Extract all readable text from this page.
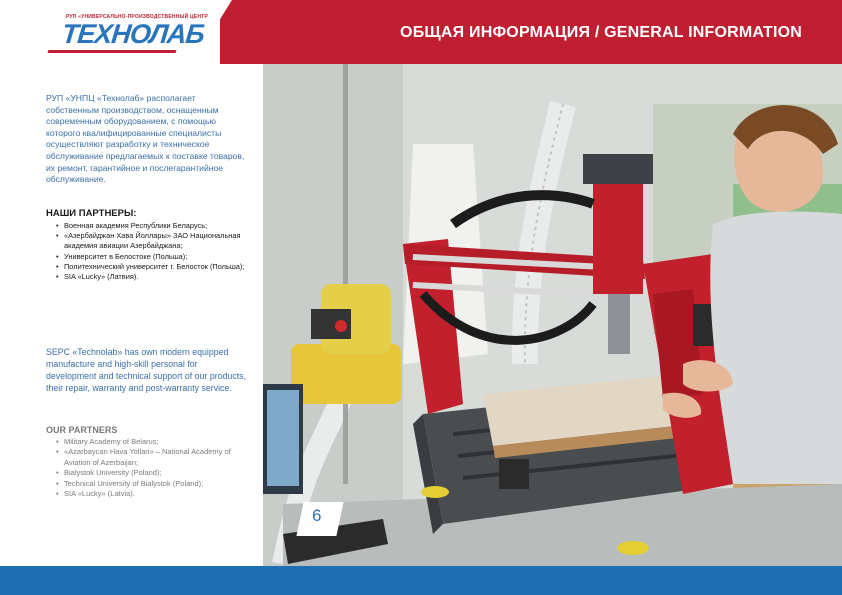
РУП «УНИВЕРСАЛЬНО-ПРОИЗВОДСТВЕННЫЙ ЦЕНТР
ТЕХНОЛАБ	ОБЩАЯ ИНФОРМАЦИЯ / GENERAL INFORMATION
РУП «УНПЦ «Технолаб» располагает собственным производством, оснащенным современным оборудованием, с помощью которого квалифицированные специалисты осуществляют разработку и техническое обслуживание предлагаемых к поставке товаров, их ремонт, гарантийное и послегарантийное обслуживание.
НАШИ ПАРТНЕРЫ:
• Военная академия Республики Беларусь;
• «Азербайджан Хава Йоллары» ЗАО Национальная академия авиации Азербайджана;
• Университет в Белостоке (Польша);
• Политехнический университет г. Белосток (Польша);
• SIA «Lucky» (Латвия).
SEPC «Technolab» has own modern equipped manufacture and high-skill personal for development and technical support of our products, their repair, warranty and post-warranty service.
OUR PARTNERS
• Military Academy of Belarus;
• «Azarbaycan Hava Yollari» – National Academy of Aviation of Azerbaijan;
• Bialystok University (Poland);
• Technical University of Bialystok (Poland);
• SIA «Lucky» (Latvia).
6
